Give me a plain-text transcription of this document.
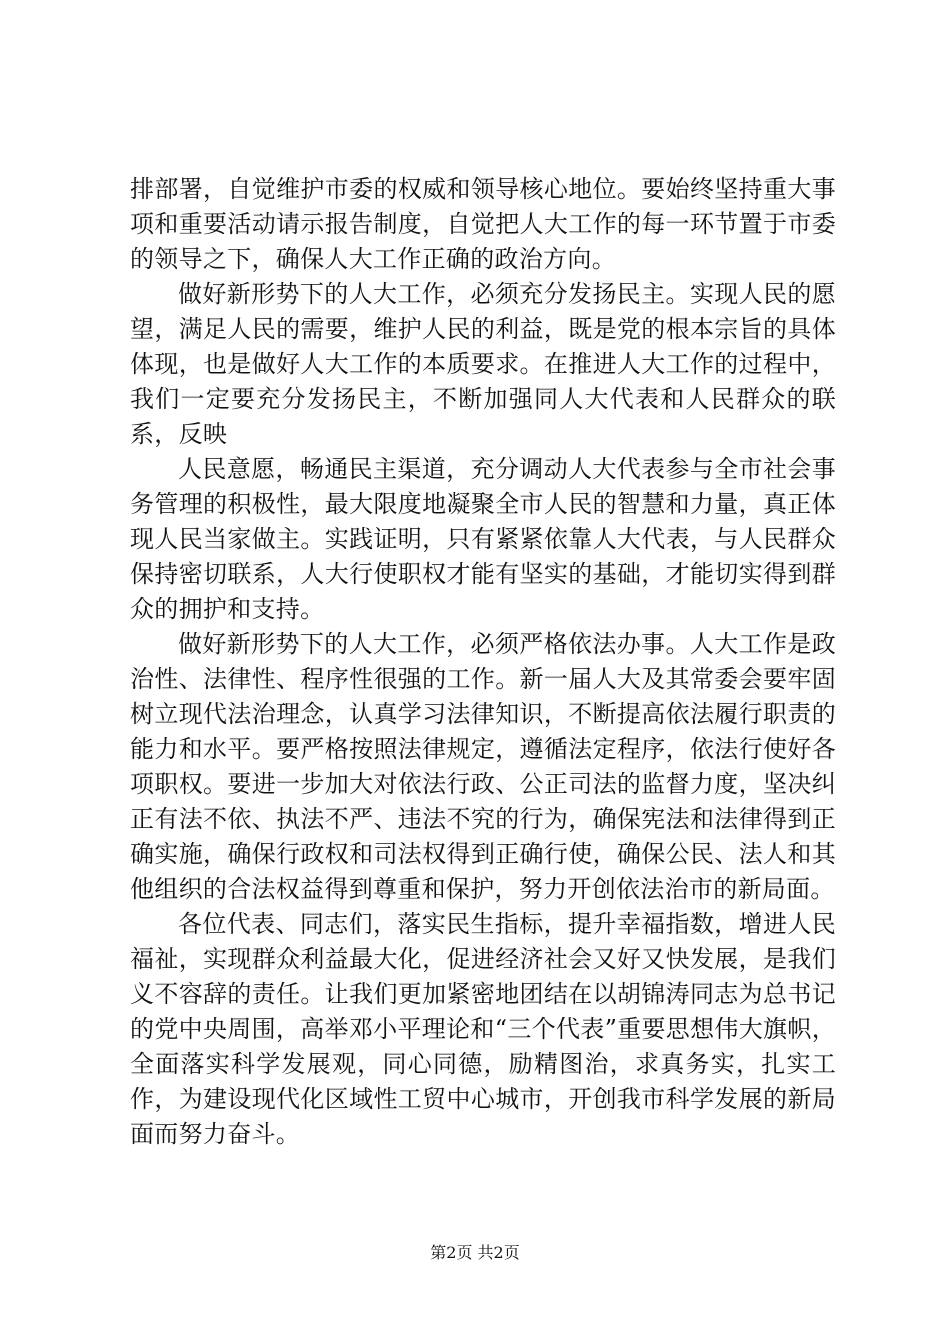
排部署，自觉维护市委的权威和领导核心地位。要始终坚持重大事项和重要活动请示报告制度，自觉把人大工作的每一环节置于市委的领导之下，确保人大工作正确的政治方向。

做好新形势下的人大工作，必须充分发扬民主。实现人民的愿望，满足人民的需要，维护人民的利益，既是党的根本宗旨的具体体现，也是做好人大工作的本质要求。在推进人大工作的过程中，我们一定要充分发扬民主，不断加强同人大代表和人民群众的联系，反映

人民意愿，畅通民主渠道，充分调动人大代表参与全市社会事务管理的积极性，最大限度地凝聚全市人民的智慧和力量，真正体现人民当家做主。实践证明，只有紧紧依靠人大代表，与人民群众保持密切联系，人大行使职权才能有坚实的基础，才能切实得到群众的拥护和支持。

做好新形势下的人大工作，必须严格依法办事。人大工作是政治性、法律性、程序性很强的工作。新一届人大及其常委会要牢固树立现代法治理念，认真学习法律知识，不断提高依法履行职责的能力和水平。要严格按照法律规定，遵循法定程序，依法行使好各项职权。要进一步加大对依法行政、公正司法的监督力度，坚决纠正有法不依、执法不严、违法不究的行为，确保宪法和法律得到正确实施，确保行政权和司法权得到正确行使，确保公民、法人和其他组织的合法权益得到尊重和保护，努力开创依法治市的新局面。

各位代表、同志们，落实民生指标，提升幸福指数，增进人民福祉，实现群众利益最大化，促进经济社会又好又快发展，是我们义不容辞的责任。让我们更加紧密地团结在以胡锦涛同志为总书记的党中央周围，高举邓小平理论和“三个代表”重要思想伟大旗帜，全面落实科学发展观，同心同德，励精图治，求真务实，扎实工作，为建设现代化区域性工贸中心城市，开创我市科学发展的新局面而努力奋斗。

第2页 共2页
